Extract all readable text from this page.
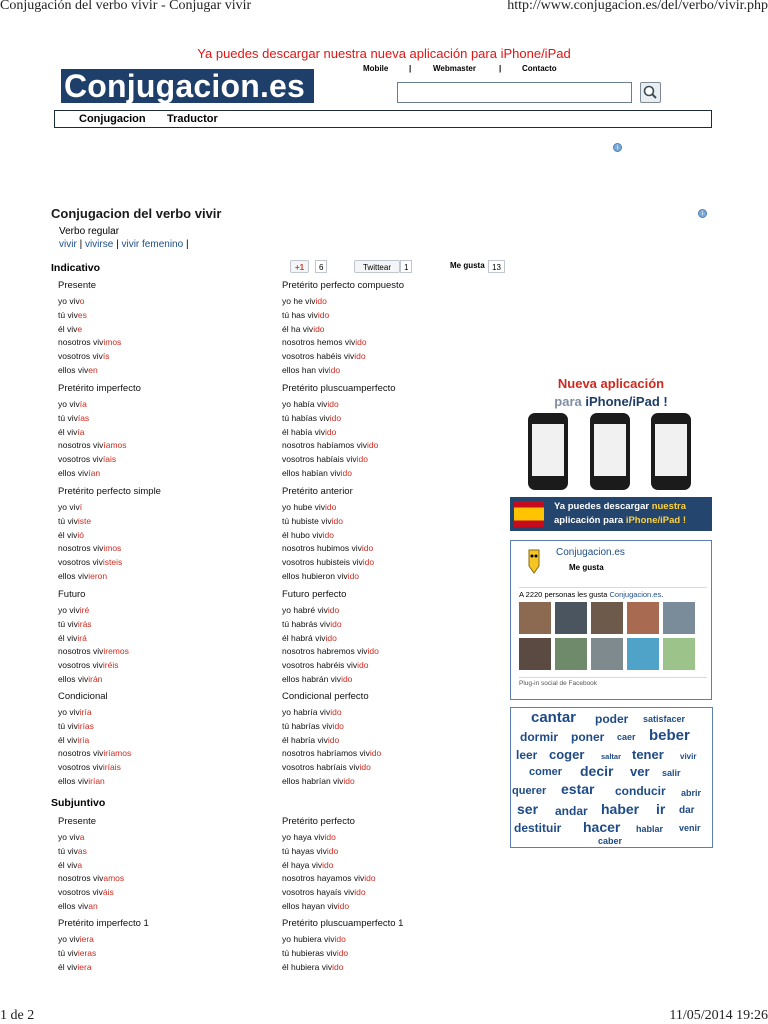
Conjugación del verbo vivir - Conjugar vivir	http://www.conjugacion.es/del/verbo/vivir.php
1 de 2	11/05/2014 19:26
Ya puedes descargar nuestra nueva aplicación para iPhone/iPad
Conjugacion.es	Mobile	|	Webmaster	|	Contacto
Conjugacion Traductor
i
i
Conjugacion del verbo vivir
Verbo regular
vivir | vivirse | vivir femenino |
Indicativo
Subjuntivo
+1	6	Twittear	1	Me gusta 13
Presente
yo vivo
tú vives
él vive
nosotros vivimos
vosotros vivís
ellos viven
Pretérito perfecto compuesto
yo he vivido
tú has vivido
él ha vivido
nosotros hemos vivido
vosotros habéis vivido
ellos han vivido
Pretérito imperfecto
yo vivía
tú vivías
él vivía
nosotros vivíamos
vosotros vivíais
ellos vivían
Pretérito pluscuamperfecto
yo había vivido
tú habías vivido
él había vivido
nosotros habíamos vivido
vosotros habíais vivido
ellos habían vivido
Pretérito perfecto simple
yo viví
tú viviste
él vivió
nosotros vivimos
vosotros vivisteis
ellos vivieron
Pretérito anterior
yo hube vivido
tú hubiste vivido
él hubo vivido
nosotros hubimos vivido
vosotros hubisteis vivido
ellos hubieron vivido
Futuro
yo viviré
tú vivirás
él vivirá
nosotros viviremos
vosotros viviréis
ellos vivirán
Futuro perfecto
yo habré vivido
tú habrás vivido
él habrá vivido
nosotros habremos vivido
vosotros habréis vivido
ellos habrán vivido
Condicional
yo viviría
tú vivirías
él viviría
nosotros viviríamos
vosotros viviríais
ellos vivirían
Condicional perfecto
yo habría vivido
tú habrías vivido
él habría vivido
nosotros habríamos vivido
vosotros habríais vivido
ellos habrían vivido
Presente
yo viva
tú vivas
él viva
nosotros vivamos
vosotros viváis
ellos vivan
Pretérito perfecto
yo haya vivido
tú hayas vivido
él haya vivido
nosotros hayamos vivido
vosotros hayaís vivido
ellos hayan vivido
Pretérito imperfecto 1
yo viviera
tú vivieras
él viviera
Pretérito pluscuamperfecto 1
yo hubiera vivido
tú hubieras vivido
él hubiera vivido
Nueva aplicación
para iPhone/iPad !
Ya puedes descargar nuestra
aplicación para iPhone/iPad !
Conjugacion.es
Me gusta
A 2220 personas les gusta Conjugacion.es.
Plug-in social de Facebook
cantar poder satisfacer
dormir poner caer beber
leer coger saltar tener vivir
comer decir ver salir
querer estar conducir abrir
ser andar haber ir dar
destituir hacer hablar venir
caber
